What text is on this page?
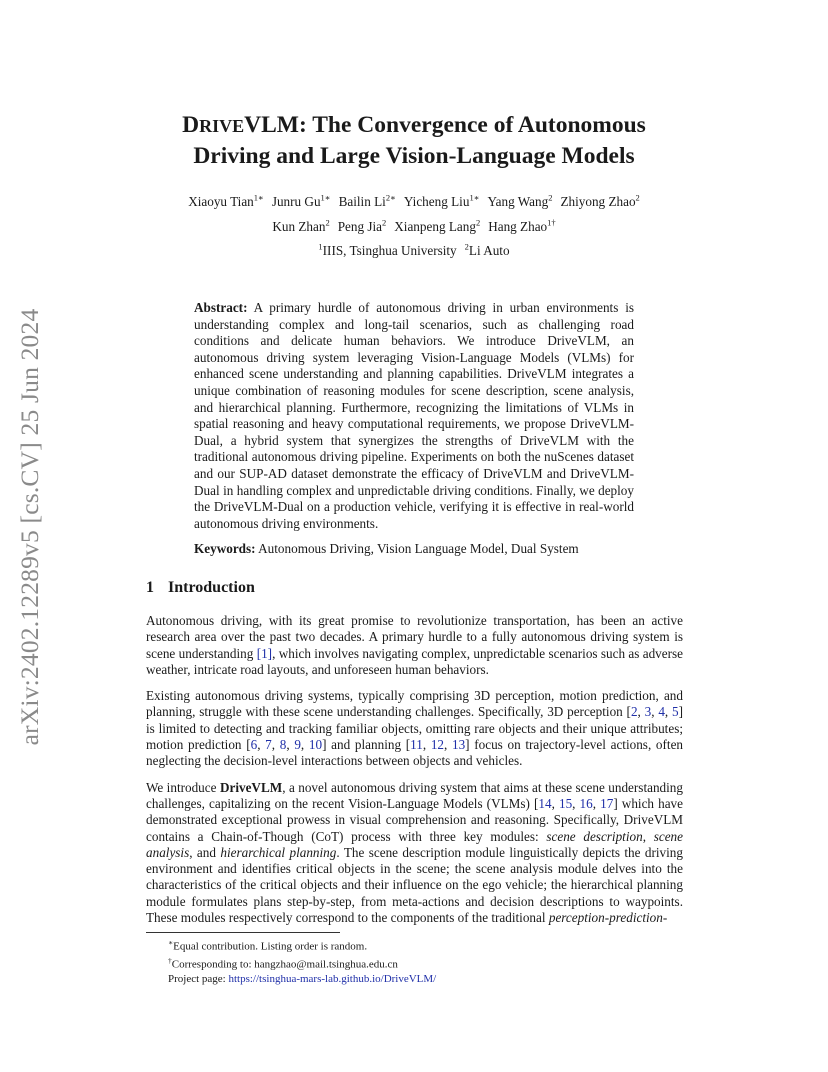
arXiv:2402.12289v5 [cs.CV] 25 Jun 2024
DRIVEVLM: The Convergence of Autonomous
Driving and Large Vision-Language Models
Xiaoyu Tian$^{1∗}$ Junru $Gu^{1∗}$ Bailin $Li^{2∗}$ Yicheng Liu$^{1∗}$ Yang Wang$^2$ Zhiyong Zhao$^2$
Kun Zhan$^2$ Peng Jia$^2$ Xianpeng Lang$^2$ Hang Zhao$^{1\dagger}$
$^1$IIIS, Tsinghua University $^2$Li Auto
Abstract: A primary hurdle of autonomous driving in urban environments is understanding complex and long-tail scenarios, such as challenging road conditions and delicate human behaviors. We introduce DriveVLM, an autonomous driving system leveraging Vision-Language Models (VLMs) for enhanced scene understanding and planning capabilities. DriveVLM integrates a unique combination of reasoning modules for scene description, scene analysis, and hierarchical planning. Furthermore, recognizing the limitations of VLMs in spatial reasoning and heavy computational requirements, we propose DriveVLM-Dual, a hybrid system that synergizes the strengths of DriveVLM with the traditional autonomous driving pipeline. Experiments on both the nuScenes dataset and our SUP-AD dataset demonstrate the efficacy of DriveVLM and DriveVLM-Dual in handling complex and unpredictable driving conditions. Finally, we deploy the DriveVLM-Dual on a production vehicle, verifying it is effective in real-world autonomous driving environments.
Keywords: Autonomous Driving, Vision Language Model, Dual System
1 Introduction

Autonomous driving, with its great promise to revolutionize transportation, has been an active research area over the past two decades. A primary hurdle to a fully autonomous driving system is scene understanding [1], which involves navigating complex, unpredictable scenarios such as adverse weather, intricate road layouts, and unforeseen human behaviors.

Existing autonomous driving systems, typically comprising 3D perception, motion prediction, and planning, struggle with these scene understanding challenges. Specifically, 3D perception [2, 3, 4, 5] is limited to detecting and tracking familiar objects, omitting rare objects and their unique attributes; motion prediction [6, 7, 8, 9, 10] and planning [11, 12, 13] focus on trajectory-level actions, often neglecting the decision-level interactions between objects and vehicles.

We introduce DriveVLM, a novel autonomous driving system that aims at these scene understanding challenges, capitalizing on the recent Vision-Language Models (VLMs) [14, 15, 16, 17] which have demonstrated exceptional prowess in visual comprehension and reasoning. Specifically, DriveVLM contains a Chain-of-Though (CoT) process with three key modules: scene description, scene analysis, and hierarchical planning. The scene description module linguistically depicts the driving environment and identifies critical objects in the scene; the scene analysis module delves into the characteristics of the critical objects and their influence on the ego vehicle; the hierarchical planning module formulates plans step-by-step, from meta-actions and decision descriptions to waypoints. These modules respectively correspond to the components of the traditional perception-prediction-

∗Equal contribution. Listing order is random.
†Corresponding to: hangzhao@mail.tsinghua.edu.cn
Project page: https://tsinghua-mars-lab.github.io/DriveVLM/
